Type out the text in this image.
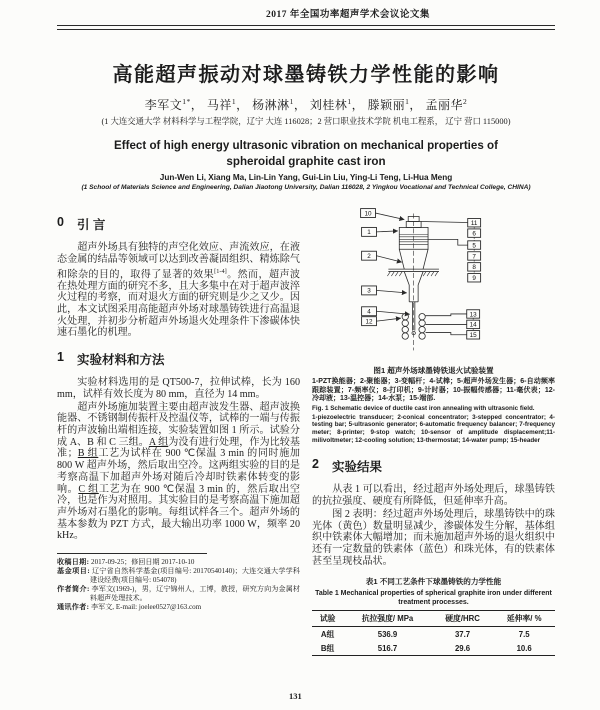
2017 年全国功率超声学术会议论文集
高能超声振动对球墨铸铁力学性能的影响
李军文$^{1*}$， 马祥$^1$， 杨淋淋$^1$， 刘桂林$^1$， 滕颖丽$^1$， 孟丽华$^2$
(1 大连交通大学 材料科学与工程学院，辽宁 大连 116028；2 营口职业技术学院 机电工程系， 辽宁 营口 115000)
Effect of high energy ultrasonic vibration on mechanical properties of spheroidal graphite cast iron
Jun-Wen Li, Xiang Ma, Lin-Lin Yang, Gui-Lin Liu, Ying-Li Teng, Li-Hua Meng
(1 School of Materials Science and Engineering, Dalian Jiaotong University, Dalian 116028, 2 Yingkou Vocational and Technical College, CHINA)
0 引 言

超声外场具有独特的声空化效应、声流效应，在液态金属的结晶等领域可以达到改善凝固组织、精炼除气和除杂的目的，取得了显著的效果[1-4]。然而，超声波在热处理方面的研究不多，且大多集中在对于超声波淬火过程的考察，而对退火方面的研究则是少之又少。因此，本文试图采用高能超声外场对球墨铸铁进行高温退火处理，并初步分析超声外场退火处理条件下渗碳体快速石墨化的机理。

1 实验材料和方法

实验材料选用的是 QT500-7，拉伸试棒，长为 160 mm，试样有效长度为 80 mm，直径为 14 mm。

超声外场施加装置主要由超声波发生器、超声波换能器、不锈钢制传振杆及控温仪等，试棒的一端与传振杆的声波输出端相连接，实验装置如图 1 所示。试验分成 A、B 和 C 三组。A 组为没有进行处理，作为比较基准；B 组工艺为试样在 900 ℃保温 3 min 的同时施加 800 W 超声外场，然后取出空冷。这两组实验的目的是考察高温下加超声外场对随后冷却时铁素体转变的影响。C 组工艺为在 900 ℃保温 3 min 的，然后取出空冷，也是作为对照用。其实验目的是考察高温下施加超声外场对石墨化的影响。每组试样各三个。超声外场的基本参数为 PZT 方式，最大输出功率 1000 W，频率 20 kHz。

收稿日期: 2017-09-25；修回日期 2017-10-10
基金项目: 辽宁省自然科学基金(项目编号: 20170540140)；大连交通大学学科建设经费(项目编号: 054078)
作者简介: 李军文(1969-)，男，辽宁锦州人，工博，教授，研究方向为金属材料超声处理技术。
通讯作者: 李军文, E-mail: joelee0527@163.com
10
1
2
3
4
12
11
6
5
7
8
9
13
14
15
图1 超声外场球墨铸铁退火试验装置
1-PZT换能器；2-聚能器；3-变幅杆；4-试棒；5-超声外场发生器；6-自动频率跟踪装置；7-频率仪；8-打印机；9-计时器；10-振幅传感器；11-毫伏表；12-冷却液；13-温控器；14-水泵；15-端部.
Fig. 1 Schematic device of ductile cast iron annealing with ultrasonic field.
1-piezoelectric transducer; 2-conical concentrator; 3-stepped concentrator; 4-testing bar; 5-ultrasonic generator; 6-automatic frequency balancer; 7-frequency meter; 8-printer; 9-stop watch; 10-sensor of amplitude displacement;11-milivoltmeter; 12-cooling solution; 13-thermostat; 14-water pump; 15-header
2 实验结果

从表 1 可以看出，经过超声外场处理后，球墨铸铁的抗拉强度、硬度有所降低，但延伸率升高。

图 2 表明：经过超声外场处理后，球墨铸铁中的珠光体（黄色）数量明显减少，渗碳体发生分解，基体组织中铁素体大幅增加；而未施加超声外场的退火组织中还有一定数量的铁素体（蓝色）和珠光体，有的铁素体甚至呈现枝晶状。

表1 不同工艺条件下球墨铸铁的力学性能
Table 1 Mechanical properties of spherical graphite iron under different treatment processes.
试验	抗拉强度/ MPa	硬度/HRC	延伸率/ %
A组	536.9	37.7	7.5
B组	516.7	29.6	10.6
131
